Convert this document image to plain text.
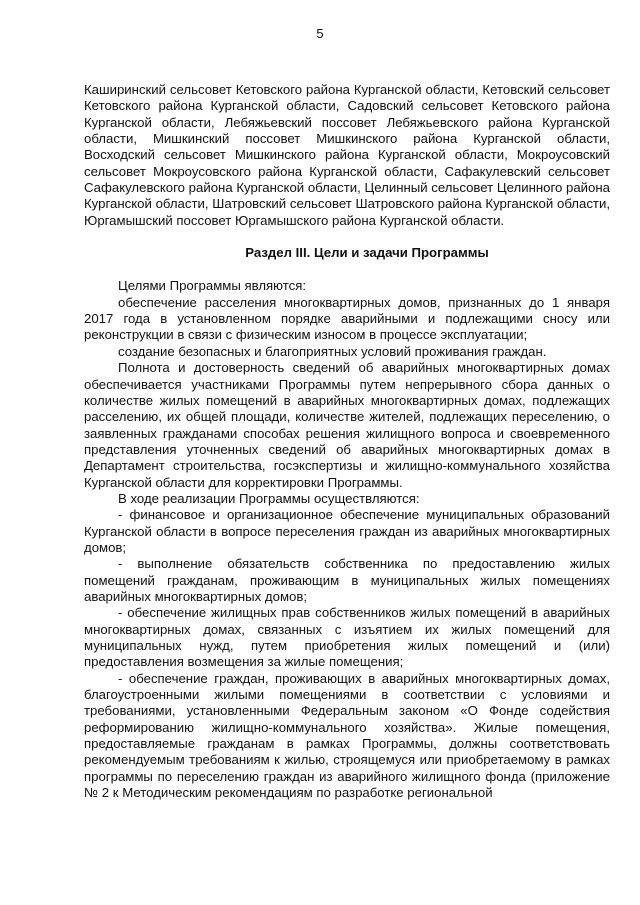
5

Каширинский сельсовет Кетовского района Курганской области, Кетовский сельсовет Кетовского района Курганской области, Садовский сельсовет Кетовского района Курганской области, Лебяжьевский поссовет Лебяжьевского района Курганской области, Мишкинский поссовет Мишкинского района Курганской области, Восходский сельсовет Мишкинского района Курганской области, Мокроусовский сельсовет Мокроусовского района Курганской области, Сафакулевский сельсовет Сафакулевского района Курганской области, Целинный сельсовет Целинного района Курганской области, Шатровский сельсовет Шатровского района Курганской области, Юргамышский поссовет Юргамышского района Курганской области.

Раздел III. Цели и задачи Программы

Целями Программы являются:

обеспечение расселения многоквартирных домов, признанных до 1 января 2017 года в установленном порядке аварийными и подлежащими сносу или реконструкции в связи с физическим износом в процессе эксплуатации;

создание безопасных и благоприятных условий проживания граждан.

Полнота и достоверность сведений об аварийных многоквартирных домах обеспечивается участниками Программы путем непрерывного сбора данных о количестве жилых помещений в аварийных многоквартирных домах, подлежащих расселению, их общей площади, количестве жителей, подлежащих переселению, о заявленных гражданами способах решения жилищного вопроса и своевременного представления уточненных сведений об аварийных многоквартирных домах в Департамент строительства, госэкспертизы и жилищно-коммунального хозяйства Курганской области для корректировки Программы.

В ходе реализации Программы осуществляются:

- финансовое и организационное обеспечение муниципальных образований Курганской области в вопросе переселения граждан из аварийных многоквартирных домов;

- выполнение обязательств собственника по предоставлению жилых помещений гражданам, проживающим в муниципальных жилых помещениях аварийных многоквартирных домов;

- обеспечение жилищных прав собственников жилых помещений в аварийных многоквартирных домах, связанных с изъятием их жилых помещений для муниципальных нужд, путем приобретения жилых помещений и (или) предоставления возмещения за жилые помещения;

- обеспечение граждан, проживающих в аварийных многоквартирных домах, благоустроенными жилыми помещениями в соответствии с условиями и требованиями, установленными Федеральным законом «О Фонде содействия реформированию жилищно-коммунального хозяйства». Жилые помещения, предоставляемые гражданам в рамках Программы, должны соответствовать рекомендуемым требованиям к жилью, строящемуся или приобретаемому в рамках программы по переселению граждан из аварийного жилищного фонда (приложение № 2 к Методическим рекомендациям по разработке региональной
